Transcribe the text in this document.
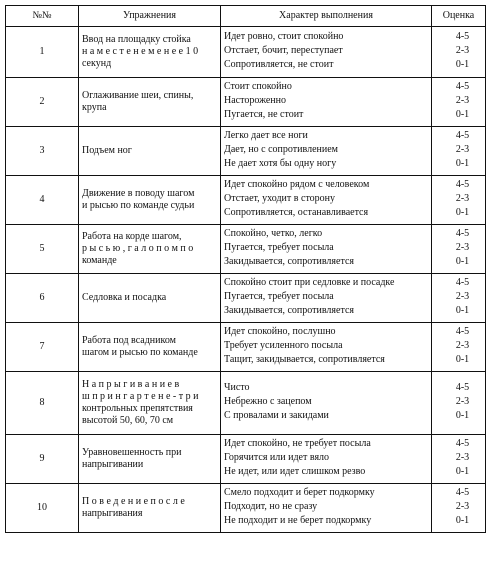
№№	Упражнения	Характер выполнения	Оценка
1	Ввод на площадку стойка
н а м е с т е н е м е н е е 1 0
секунд	Идет ровно, стоит спокойно
Отстает, бочит, переступает
Сопротивляется, не стоит	4-5
2-3
0-1

2	Оглаживание шеи, спины,
крупа	Стоит спокойно
Настороженно
Пугается, не стоит	4-5
2-3
0-1

3	Подъем ног	Легко дает все ноги
Дает, но с сопротивлением
Не дает хотя бы одну ногу	4-5
2-3
0-1

4	Движение в поводу шагом
и рысью по команде судьи	Идет спокойно рядом с человеком
Отстает, уходит в сторону
Сопротивляется, останавливается	4-5
2-3
0-1

5	Работа на корде шагом,
р ы с ь ю , г а л о п о м п о
команде	Спокойно, четко, легко
Пугается, требует посыла
Закидывается, сопротивляется	4-5
2-3
0-1

6	Седловка и посадка	Спокойно стоит при седловке и посадке
Пугается, требует посыла
Закидывается, сопротивляется	4-5
2-3
0-1

7	Работа под всадником
шагом и рысью по команде	Идет спокойно, послушно
Требует усиленного посыла
Тащит, закидывается, сопротивляется	4-5
2-3
0-1

8	Н а п р ы г и в а н и е в
ш п р и н г а р т е н е - т р и
контрольных препятствия
высотой 50, 60, 70 см	Чисто
Небрежно с зацепом
С провалами и закидами	4-5
2-3
0-1

9	Уравновешенность при
напрыгивании	Идет спокойно, не требует посыла
Горячится или идет вяло
Не идет, или идет слишком резво	4-5
2-3
0-1

10	П о в е д е н и е п о с л е
напрыгивания	Смело подходит и берет подкормку
Подходит, но не сразу
Не подходит и не берет подкормку	4-5
2-3
0-1
